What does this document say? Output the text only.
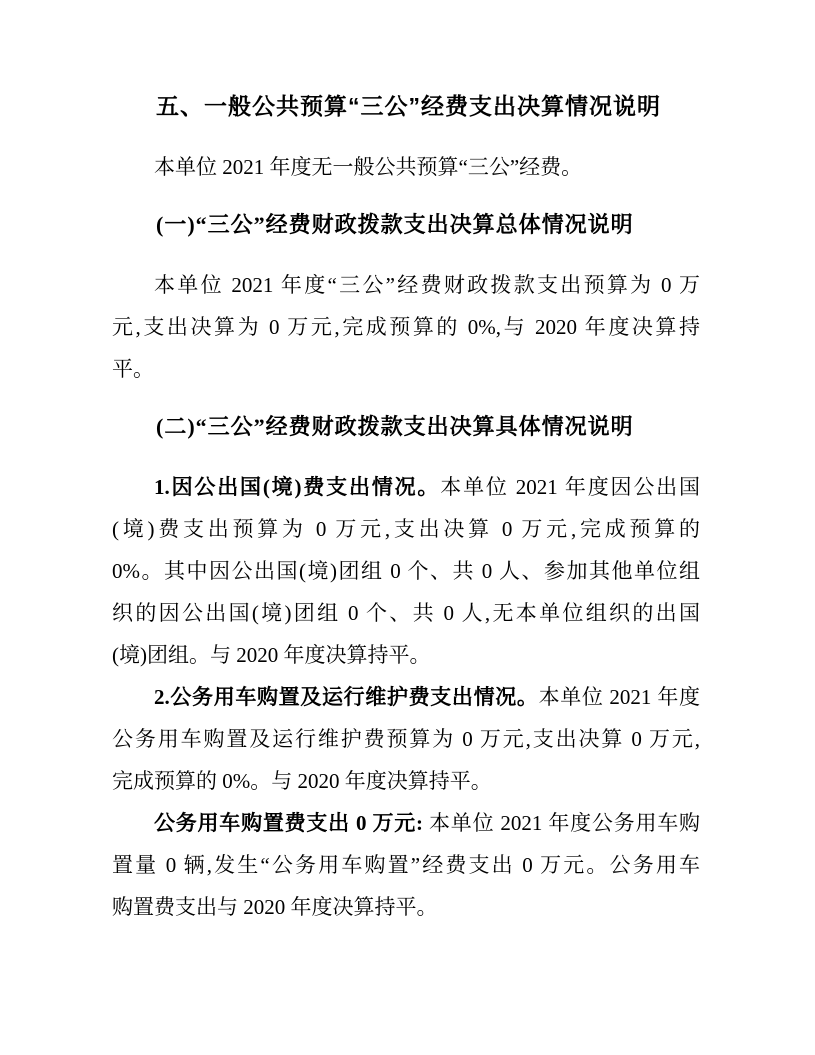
五、一般公共预算“三公”经费支出决算情况说明
本单位 2021 年度无一般公共预算“三公”经费。
(一)“三公”经费财政拨款支出决算总体情况说明
本单位 2021 年度“三公”经费财政拨款支出预算为 0 万
元,支出决算为 0 万元,完成预算的 0%,与 2020 年度决算持
平。
(二)“三公”经费财政拨款支出决算具体情况说明
1.因公出国(境)费支出情况。本单位 2021 年度因公出国
(境)费支出预算为 0 万元,支出决算 0 万元,完成预算的
0%。其中因公出国(境)团组 0 个、共 0 人、参加其他单位组
织的因公出国(境)团组 0 个、共 0 人,无本单位组织的出国
(境)团组。与 2020 年度决算持平。
2.公务用车购置及运行维护费支出情况。本单位 2021 年度
公务用车购置及运行维护费预算为 0 万元,支出决算 0 万元,
完成预算的 0%。与 2020 年度决算持平。
公务用车购置费支出 0 万元: 本单位 2021 年度公务用车购
置量 0 辆,发生“公务用车购置”经费支出 0 万元。公务用车
购置费支出与 2020 年度决算持平。
